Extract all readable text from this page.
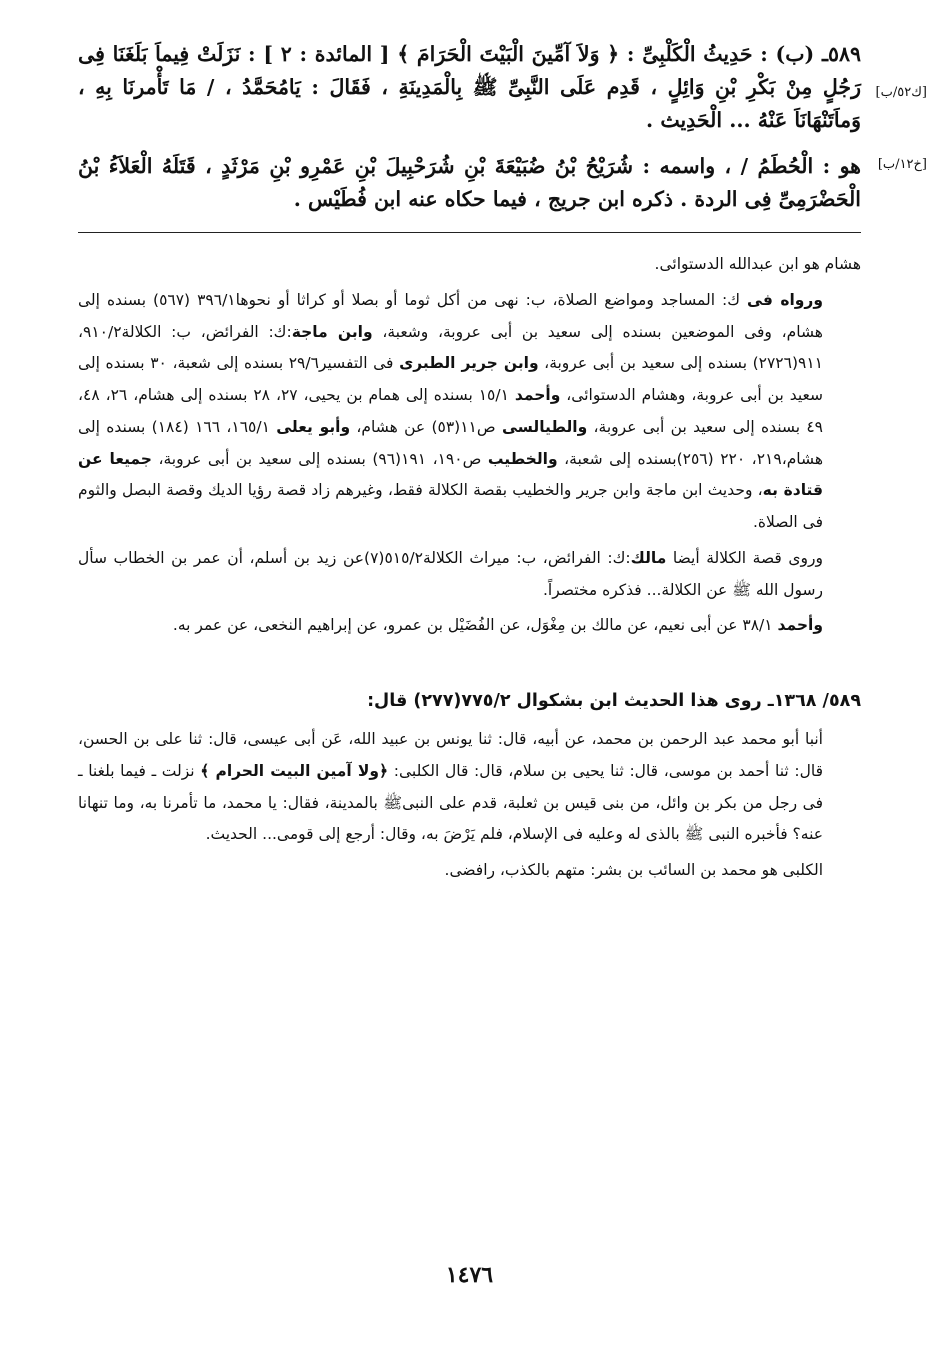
[ك٥٢/ب]
٥٨٩ـ (ب) : حَدِيثُ الْكَلْبِىِّ : ﴿ وَلاَ آمِّينَ الْبَيْتَ الْحَرَامَ ﴾ [ المائدة : ٢ ] : نَزَلَتْ فِيماَ بَلَغَنَا فِى رَجُلٍ مِنْ بَكْرِ بْنِ وَائِلٍ ، قَدِم عَلَى النَّبِىِّ ﷺ بِالْمَدِينَةِ ، فَقَالَ : يَامُحَمَّدُ ، / مَا تَأْمرنَا بِهِ ، وَماَتَنْهَانَاَ عَنْهُ ... الْحَدِيث .

[خ١٢/ب]
هو : الْحُطَمُ / ، واسمه : شُرَيْحُ بْنُ ضُبَيْعَةَ بْنِ شُرَحْبِيلَ بْنِ عَمْرِو بْنِ مَرْثَدٍ ، قَتَلَهُ الْعَلاَءُ بْنُ الْحَضْرَمِىِّ فِى الردة . ذكره ابن جريج ، فيما حكاه عنه ابن فُطَيْس .

هشام هو ابن عبدالله الدستوائى.

ورواه فى ك: المساجد ومواضع الصلاة، ب: نهى من أكل ثوما أو بصلا أو كراثا أو نحوها٣٩٦/١ (٥٦٧) بسنده إلى هشام، وفى الموضعين بسنده إلى سعيد بن أبى عروبة، وشعبة، وابن ماجة:ك: الفرائض، ب: الكلالة٩١٠/٢، ٩١١(٢٧٢٦) بسنده إلى سعيد بن أبى عروبة، وابن جرير الطبرى فى التفسير٢٩/٦ بسنده إلى شعبة، ٣٠ بسنده إلى سعيد بن أبى عروبة، وهشام الدستوائى، وأحمد ١٥/١ بسنده إلى همام بن يحيى، ٢٧، ٢٨ بسنده إلى هشام، ٢٦، ٤٨، ٤٩ بسنده إلى سعيد بن أبى عروبة، والطيالسى ص١١(٥٣) عن هشام، وأبو يعلى ١٦٥/١، ١٦٦ (١٨٤) بسنده إلى هشام،٢١٩، ٢٢٠ (٢٥٦)بسنده إلى شعبة، والخطيب ص١٩٠، ١٩١(٩٦) بسنده إلى سعيد بن أبى عروبة، جميعا عن قتادة به، وحديث ابن ماجة وابن جرير والخطيب بقصة الكلالة فقط، وغيرهم زاد قصة رؤيا الديك وقصة البصل والثوم فى الصلاة.

وروى قصة الكلالة أيضا مالك:ك: الفرائض، ب: ميراث الكلالة٥١٥/٢(٧)عن زيد بن أسلم، أن عمر بن الخطاب سأل رسول الله ﷺ عن الكلالة... فذكره مختصراً.

وأحمد ٣٨/١ عن أبى نعيم، عن مالك بن مِغْوَل، عن الفُضَيْل بن عمرو، عن إبراهيم النخعى، عن عمر به.

٥٨٩/ ١٣٦٨ـ روى هذا الحديث ابن بشكوال ٧٧٥/٢(٢٧٧) قال:

أنبا أبو محمد عبد الرحمن بن محمد، عن أبيه، قال: ثنا يونس بن عبيد الله، عَن أبى عيسى، قال: ثنا على بن الحسن، قال: ثنا أحمد بن موسى، قال: ثنا يحيى بن سلام، قال: قال الكلبى: ﴿ولا آمين البيت الحرام ﴾ نزلت ـ فيما بلغنا ـ فى رجل من بكر بن وائل، من بنى قيس بن ثعلبة، قدم على النبىﷺ بالمدينة، فقال: يا محمد، ما تأمرنا به، وما تنهانا عنه؟ فأخبره النبى ﷺ بالذى له وعليه فى الإسلام، فلم يَرْضَ به، وقال: أرجع إلى قومى... الحديث.

الكلبى هو محمد بن السائب بن بشر: متهم بالكذب، رافضى.

١٤٧٦
